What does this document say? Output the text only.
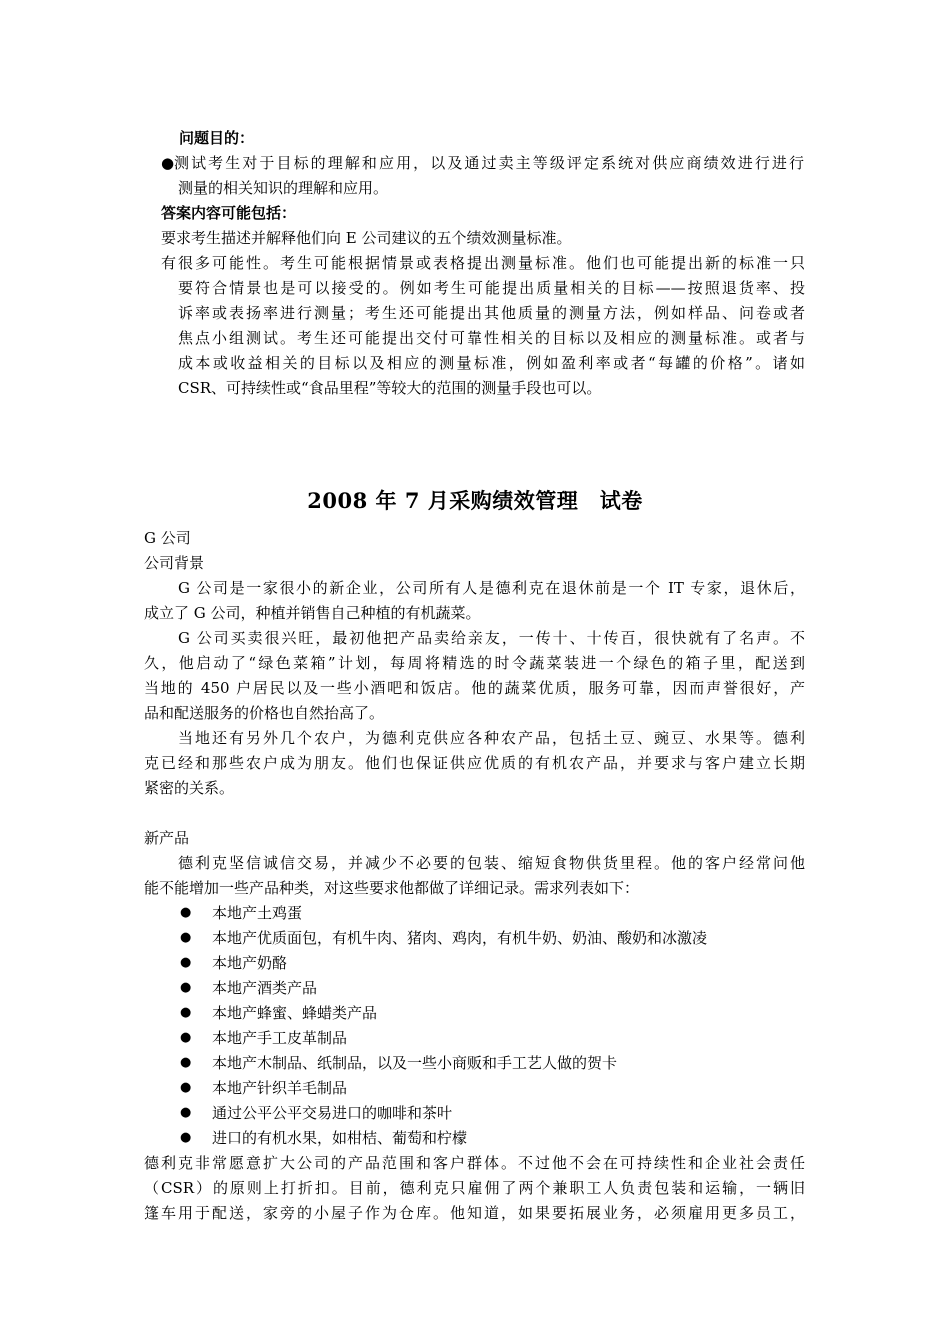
问题目的：
● 测试考生对于目标的理解和应用，以及通过卖主等级评定系统对供应商绩效进行进行
测量的相关知识的理解和应用。
答案内容可能包括：
要求考生描述并解释他们向 E 公司建议的五个绩效测量标准。
有很多可能性。考生可能根据情景或表格提出测量标准。他们也可能提出新的标准一只
要符合情景也是可以接受的。例如考生可能提出质量相关的目标——按照退货率、投
诉率或表扬率进行测量；考生还可能提出其他质量的测量方法，例如样品、问卷或者
焦点小组测试。考生还可能提出交付可靠性相关的目标以及相应的测量标准。或者与
成本或收益相关的目标以及相应的测量标准，例如盈利率或者“每罐的价格”。诸如
CSR、可持续性或“食品里程”等较大的范围的测量手段也可以。
2008 年 7 月采购绩效管理　试卷
G 公司
公司背景
G 公司是一家很小的新企业，公司所有人是德利克在退休前是一个 IT 专家，退休后，
成立了 G 公司，种植并销售自己种植的有机蔬菜。
G 公司买卖很兴旺，最初他把产品卖给亲友，一传十、十传百，很快就有了名声。不
久，他启动了“绿色菜箱”计划，每周将精选的时令蔬菜装进一个绿色的箱子里，配送到
当地的 450 户居民以及一些小酒吧和饭店。他的蔬菜优质，服务可靠，因而声誉很好，产
品和配送服务的价格也自然抬高了。
当地还有另外几个农户，为德利克供应各种农产品，包括土豆、豌豆、水果等。德利
克已经和那些农户成为朋友。他们也保证供应优质的有机农产品，并要求与客户建立长期
紧密的关系。
新产品
德利克坚信诚信交易，并减少不必要的包装、缩短食物供货里程。他的客户经常问他
能不能增加一些产品种类，对这些要求他都做了详细记录。需求列表如下：
● 本地产土鸡蛋
● 本地产优质面包，有机牛肉、猪肉、鸡肉，有机牛奶、奶油、酸奶和冰激凌
● 本地产奶酪
● 本地产酒类产品
● 本地产蜂蜜、蜂蜡类产品
● 本地产手工皮革制品
● 本地产木制品、纸制品，以及一些小商贩和手工艺人做的贺卡
● 本地产针织羊毛制品
● 通过公平公平交易进口的咖啡和茶叶
● 进口的有机水果，如柑桔、葡萄和柠檬
德利克非常愿意扩大公司的产品范围和客户群体。不过他不会在可持续性和企业社会责任
（CSR）的原则上打折扣。目前，德利克只雇佣了两个兼职工人负责包装和运输，一辆旧
篷车用于配送，家旁的小屋子作为仓库。他知道，如果要拓展业务，必须雇用更多员工，
